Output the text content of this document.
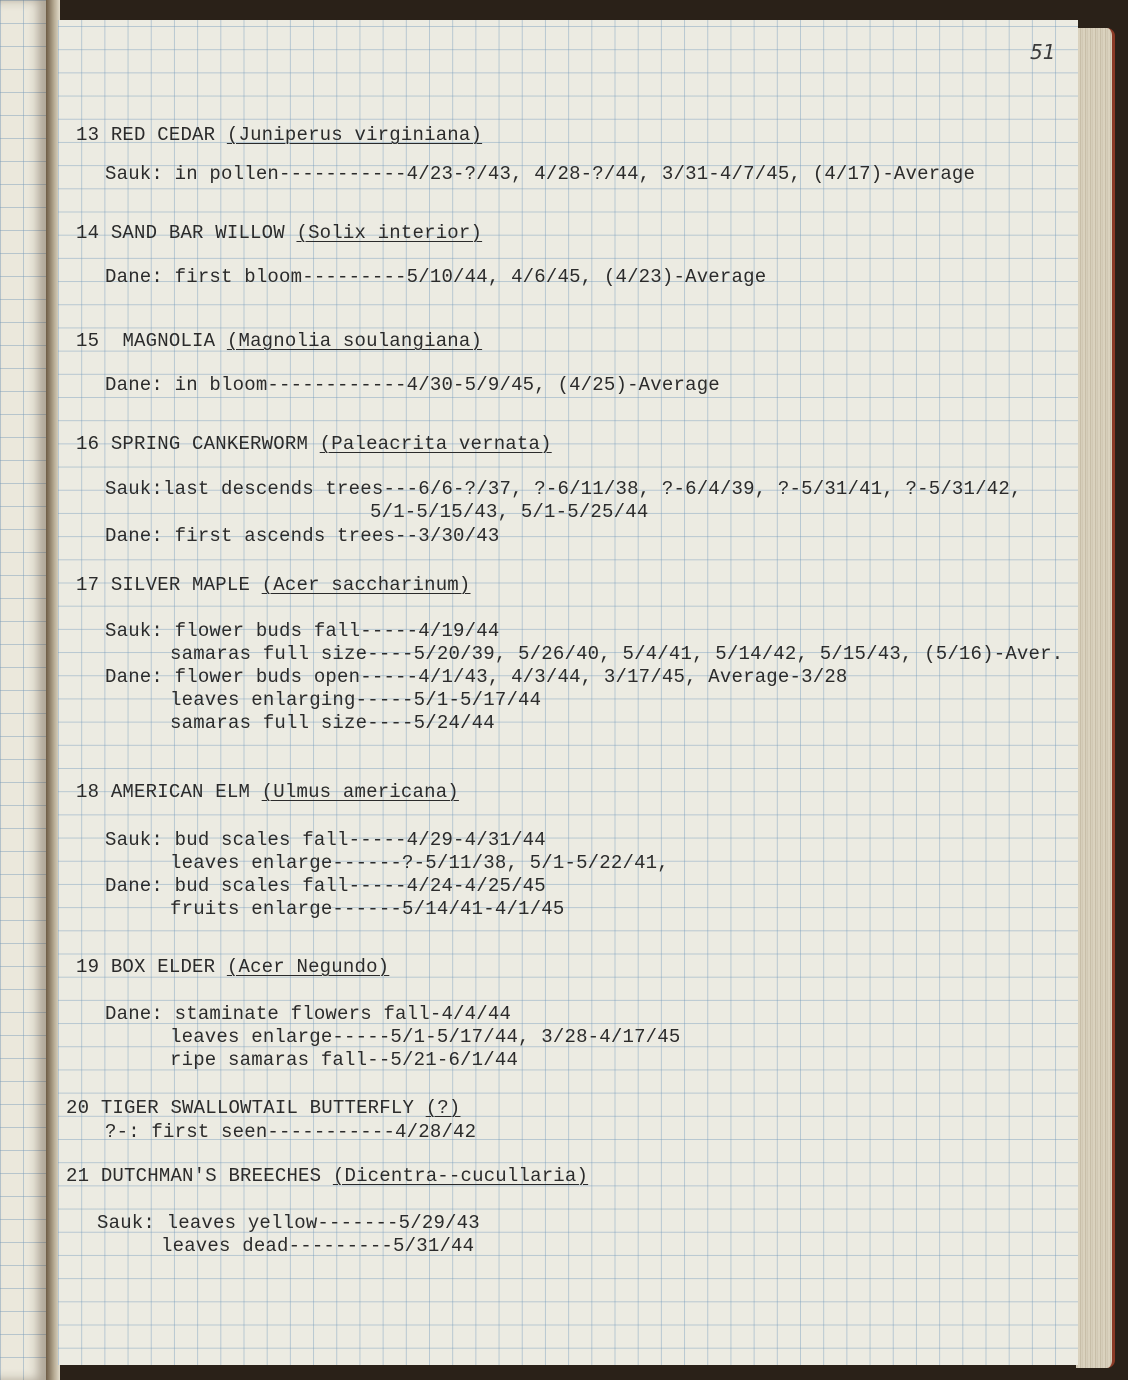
51
13 RED CEDAR (Juniperus virginiana)
Sauk: in pollen-----------4/23-?/43, 4/28-?/44, 3/31-4/7/45, (4/17)-Average
14 SAND BAR WILLOW (Solix interior)
Dane: first bloom---------5/10/44, 4/6/45, (4/23)-Average
15 MAGNOLIA (Magnolia soulangiana)
Dane: in bloom------------4/30-5/9/45, (4/25)-Average
16 SPRING CANKERWORM (Paleacrita vernata)
Sauk:last descends trees---6/6-?/37, ?-6/11/38, ?-6/4/39, ?-5/31/41, ?-5/31/42,
5/1-5/15/43, 5/1-5/25/44
Dane: first ascends trees--3/30/43
17 SILVER MAPLE (Acer saccharinum)
Sauk: flower buds fall-----4/19/44
samaras full size----5/20/39, 5/26/40, 5/4/41, 5/14/42, 5/15/43, (5/16)-Aver.
Dane: flower buds open-----4/1/43, 4/3/44, 3/17/45, Average-3/28
leaves enlarging-----5/1-5/17/44
samaras full size----5/24/44
18 AMERICAN ELM (Ulmus americana)
Sauk: bud scales fall-----4/29-4/31/44
leaves enlarge------?-5/11/38, 5/1-5/22/41,
Dane: bud scales fall-----4/24-4/25/45
fruits enlarge------5/14/41-4/1/45
19 BOX ELDER (Acer Negundo)
Dane: staminate flowers fall-4/4/44
leaves enlarge-----5/1-5/17/44, 3/28-4/17/45
ripe samaras fall--5/21-6/1/44
20 TIGER SWALLOWTAIL BUTTERFLY (?)
?-: first seen-----------4/28/42
21 DUTCHMAN'S BREECHES (Dicentra--cucullaria)
Sauk: leaves yellow-------5/29/43
leaves dead---------5/31/44
